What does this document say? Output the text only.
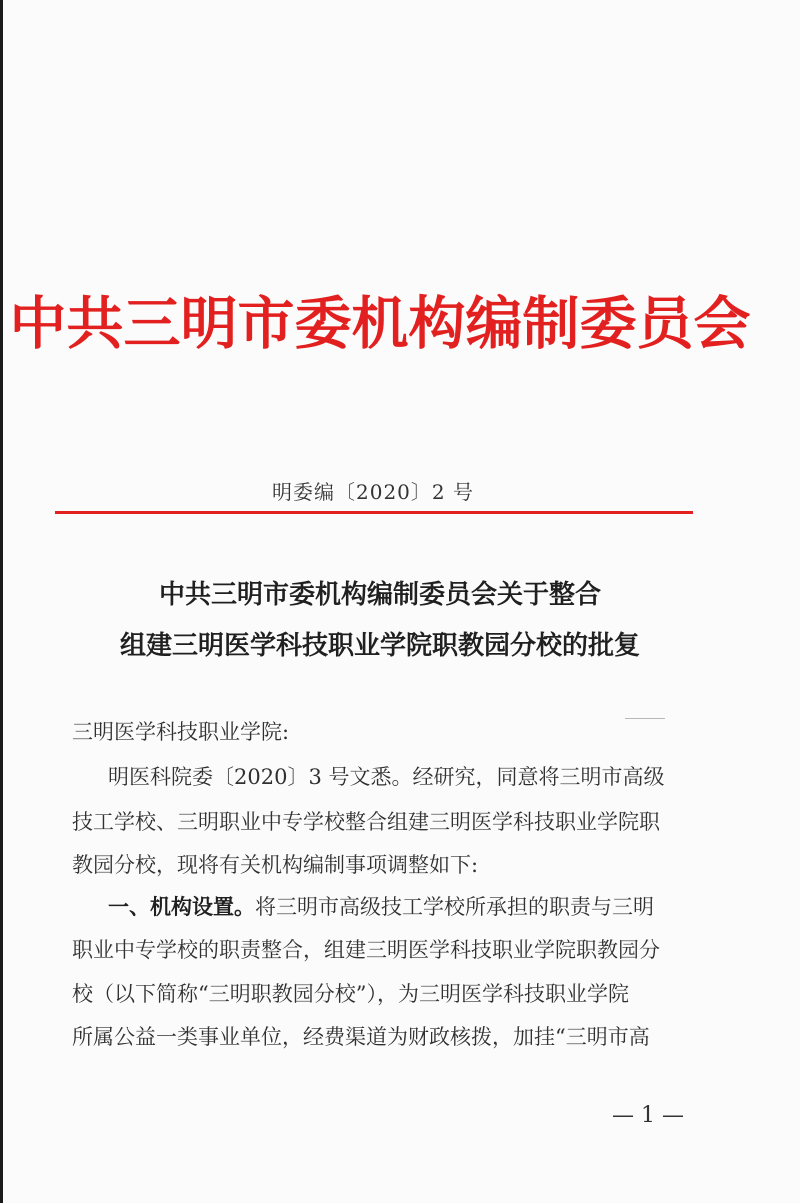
中共三明市委机构编制委员会
明委编〔2020〕2 号
中共三明市委机构编制委员会关于整合
组建三明医学科技职业学院职教园分校的批复
三明医学科技职业学院:
明医科院委〔2020〕3 号文悉。经研究，同意将三明市高级
技工学校、三明职业中专学校整合组建三明医学科技职业学院职
教园分校，现将有关机构编制事项调整如下:
一、机构设置。将三明市高级技工学校所承担的职责与三明
职业中专学校的职责整合，组建三明医学科技职业学院职教园分
校（以下简称“三明职教园分校”），为三明医学科技职业学院
所属公益一类事业单位，经费渠道为财政核拨，加挂“三明市高
— 1 —
